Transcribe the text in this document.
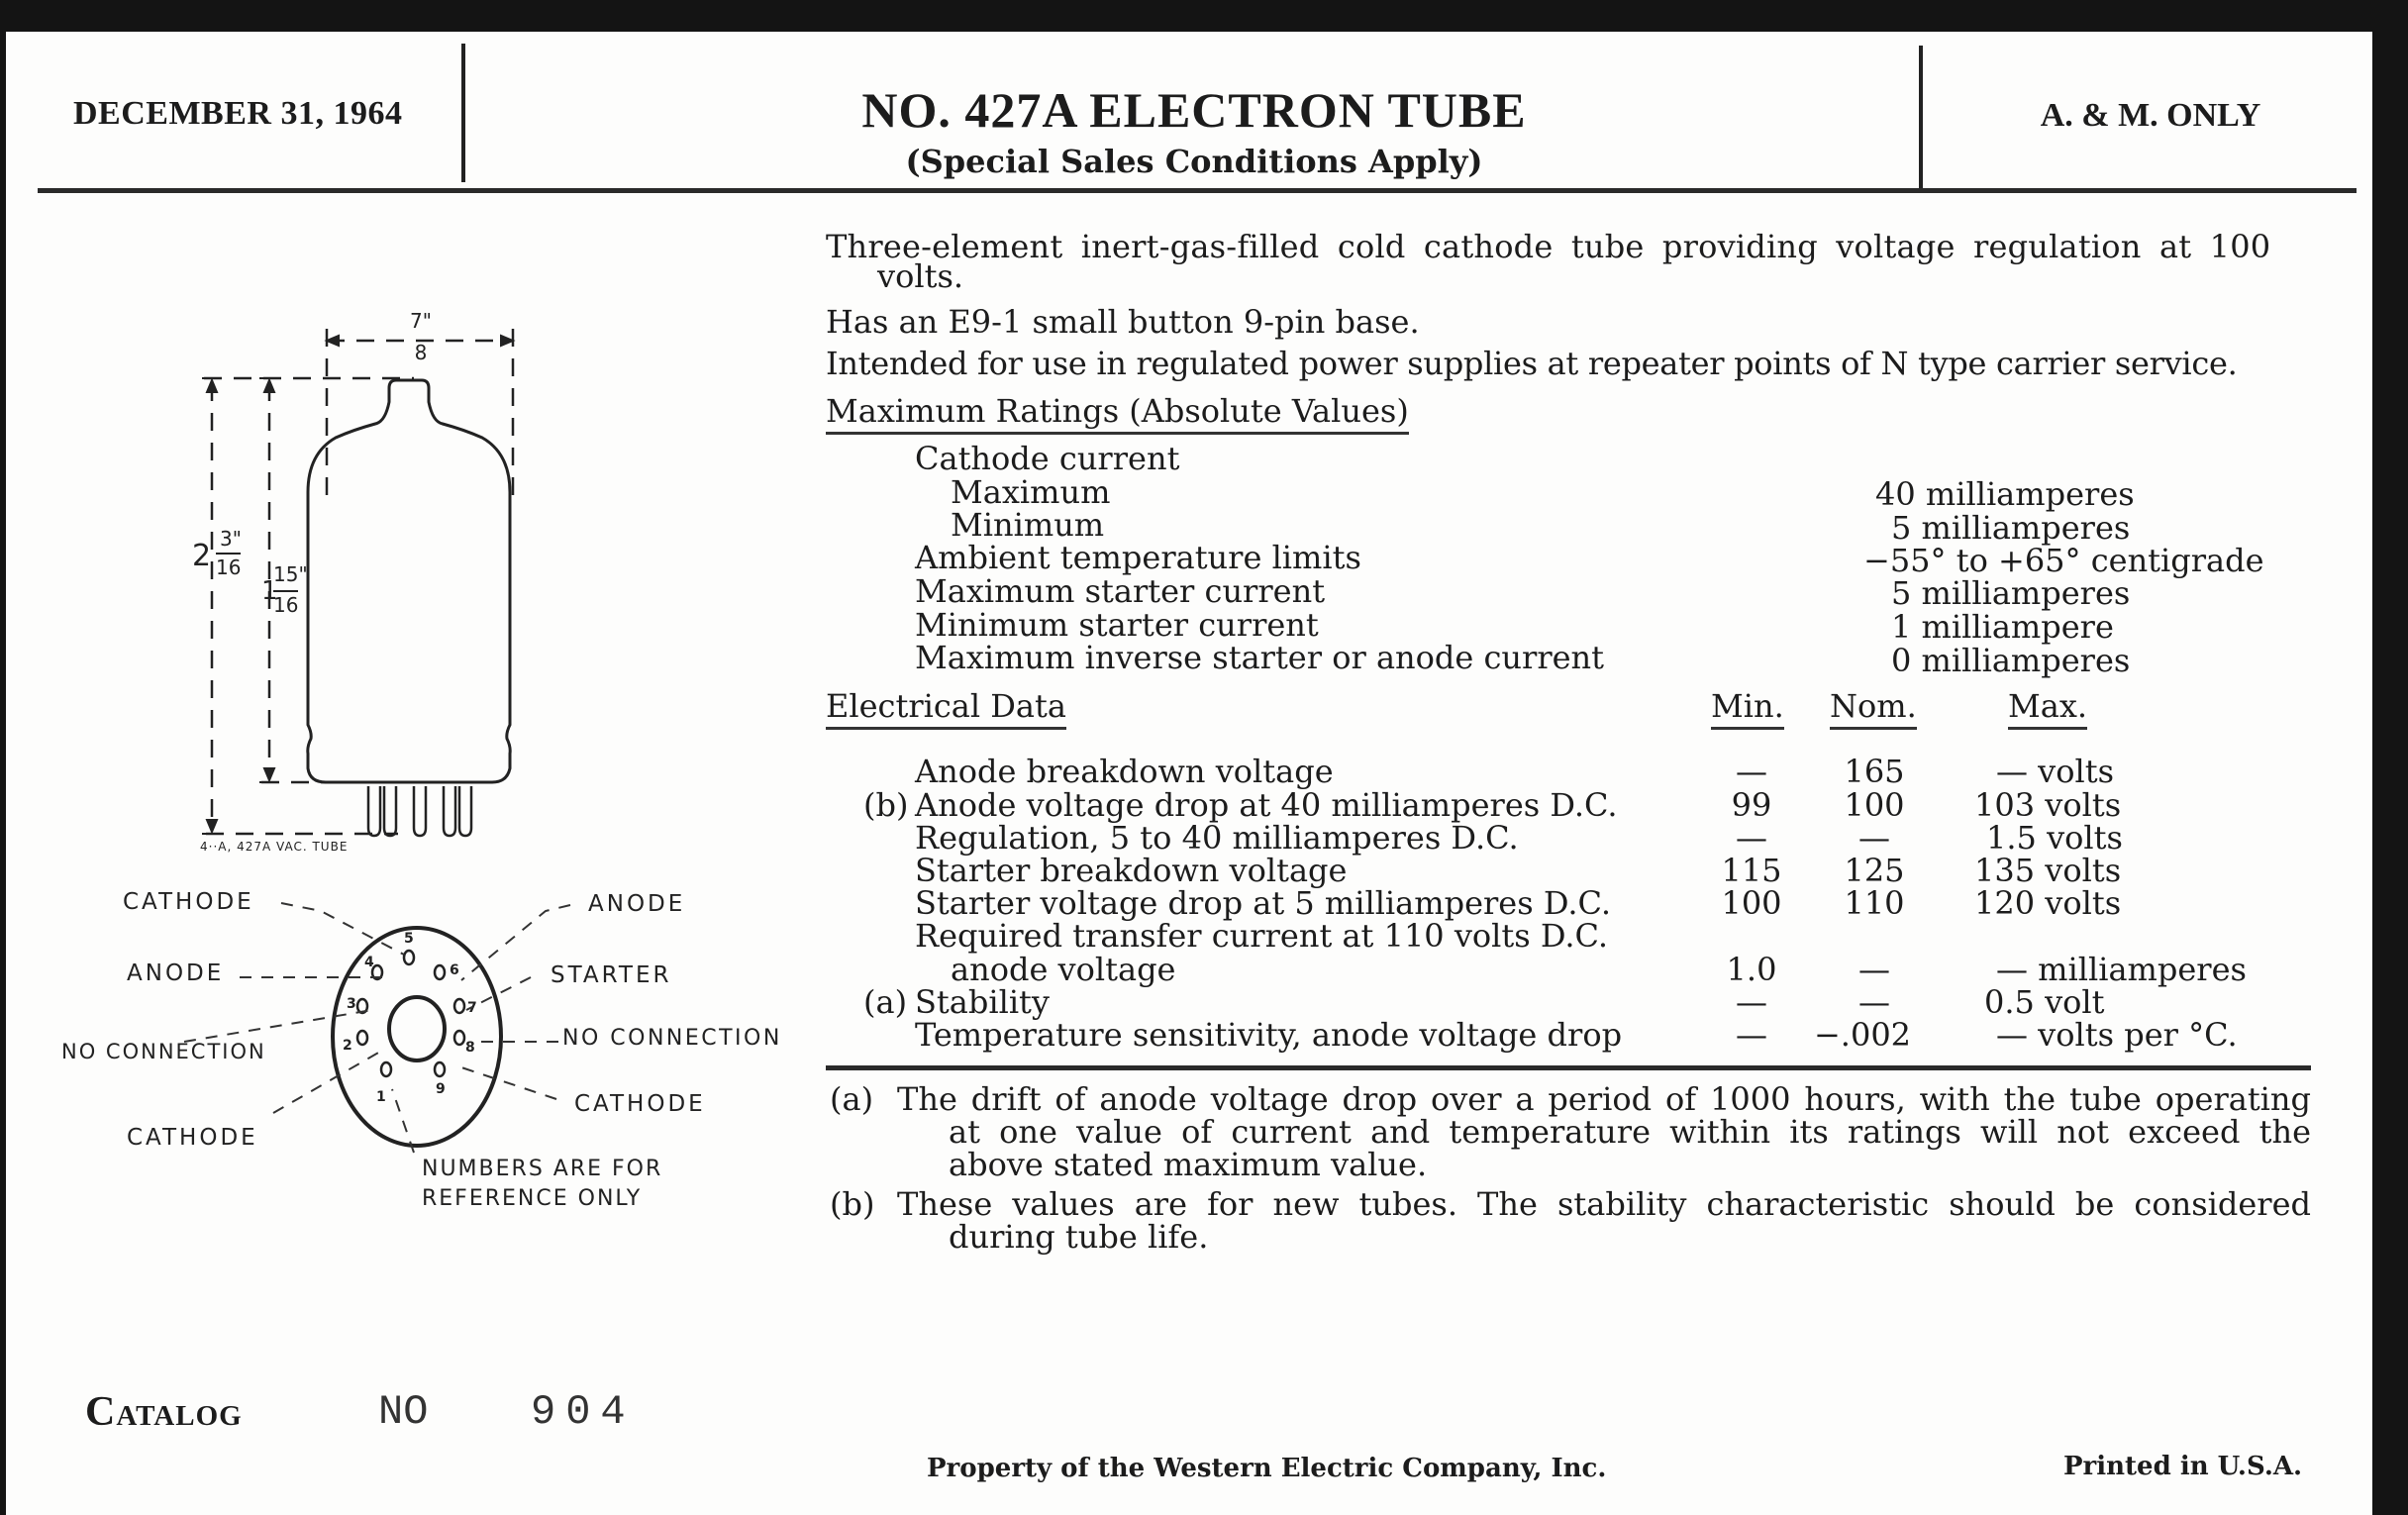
DECEMBER 31, 1964	NO. 427A ELECTRON TUBE
(Special Sales Conditions Apply)
A. & M. ONLY
Three-element inert-gas-filled cold cathode tube providing voltage regulation at 100
volts.
Has an E9-1 small button 9-pin base.
Intended for use in regulated power supplies at repeater points of N type carrier service.
Maximum Ratings (Absolute Values)
Cathode current
Maximum	40 milliamperes
Minimum	5 milliamperes
Ambient temperature limits	−55° to +65° centigrade
Maximum starter current	5 milliamperes
Minimum starter current	1 milliampere
Maximum inverse starter or anode current	0 milliamperes
Electrical Data	Min. Nom.	Max.
Anode breakdown voltage	—	165	— volts
(b) Anode voltage drop at 40 milliamperes D.C.	99	100	103 volts
Regulation, 5 to 40 milliamperes D.C.	—	—	1.5 volts
Starter breakdown voltage	115	125	135 volts
Starter voltage drop at 5 milliamperes D.C.	100	110	120 volts
Required transfer current at 110 volts D.C.
anode voltage	1.0	—	— milliamperes
(a) Stability	—	—	0.5 volt
Temperature sensitivity, anode voltage drop	—	−.002	— volts per °C.
(a) The drift of anode voltage drop over a period of 1000 hours, with the tube operating
at one value of current and temperature within its ratings will not exceed the
above stated maximum value.
(b) These values are for new tubes. The stability characteristic should be considered
during tube life.
7"
8
2 3"
16
1
15"
16
4··A, 427A VAC. TUBE
1
2
3
4
5
6
7
8
9
CATHODE	ANODE
ANODE	STARTER
NO CONNECTION
NO CONNECTION
CATHODE
CATHODE
NUMBERS ARE FOR
REFERENCE ONLY
Catalog	NO 904
Property of the Western Electric Company, Inc.	Printed in U.S.A.
